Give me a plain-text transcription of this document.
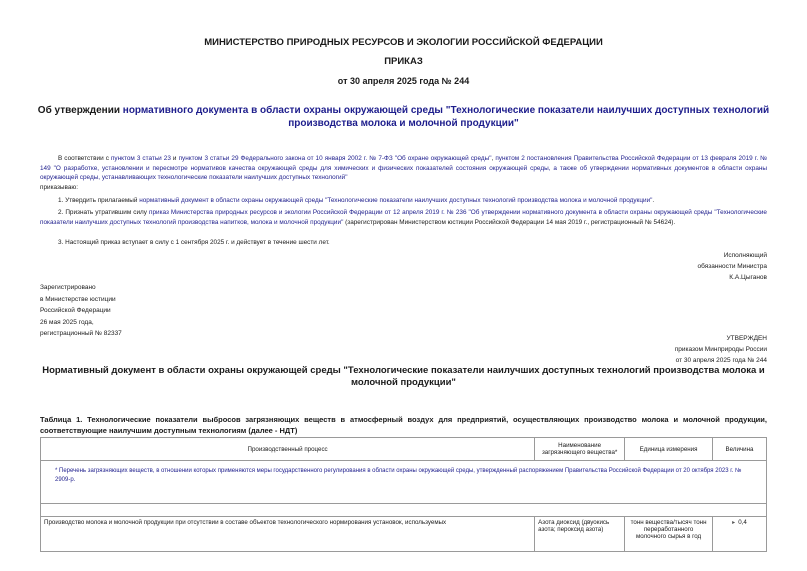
МИНИСТЕРСТВО ПРИРОДНЫХ РЕСУРСОВ И ЭКОЛОГИИ РОССИЙСКОЙ ФЕДЕРАЦИИ
ПРИКАЗ
от 30 апреля 2025 года № 244
Об утверждении нормативного документа в области охраны окружающей среды "Технологические показатели наилучших доступных технологий производства молока и молочной продукции"
В соответствии с пунктом 3 статьи 23 и пунктом 3 статьи 29 Федерального закона от 10 января 2002 г. № 7-ФЗ "Об охране окружающей среды", пунктом 2 постановления Правительства Российской Федерации от 13 февраля 2019 г. № 149 "О разработке, установлении и пересмотре нормативов качества окружающей среды для химических и физических показателей состояния окружающей среды, а также об утверждении нормативных документов в области охраны окружающей среды, устанавливающих технологические показатели наилучших доступных технологий"
приказываю:
1. Утвердить прилагаемый нормативный документ в области охраны окружающей среды "Технологические показатели наилучших доступных технологий производства молока и молочной продукции".
2. Признать утратившим силу приказ Министерства природных ресурсов и экологии Российской Федерации от 12 апреля 2019 г. № 236 "Об утверждении нормативного документа в области охраны окружающей среды "Технологические показатели наилучших доступных технологий производства напитков, молока и молочной продукции" (зарегистрирован Министерством юстиции Российской Федерации 14 мая 2019 г., регистрационный № 54624).
3. Настоящий приказ вступает в силу с 1 сентября 2025 г. и действует в течение шести лет.
Исполняющий
обязанности Министра
К.А.Цыганов
Зарегистрировано
в Министерстве юстиции
Российской Федерации
26 мая 2025 года,
регистрационный № 82337
УТВЕРЖДЕН
приказом Минприроды России
от 30 апреля 2025 года № 244
Нормативный документ в области охраны окружающей среды "Технологические показатели наилучших доступных технологий производства молока и молочной продукции"
Таблица 1. Технологические показатели выбросов загрязняющих веществ в атмосферный воздух для предприятий, осуществляющих производство молока и молочной продукции, соответствующие наилучшим доступным технологиям (далее - НДТ)
Производственный процесс	Наименование загрязняющего вещества*	Единица измерения	Величина
* Перечень загрязняющих веществ, в отношении которых применяются меры государственного регулирования в области охраны окружающей среды, утвержденный распоряжением Правительства Российской Федерации от 20 октября 2023 г. № 2909-р.			

Производство молока и молочной продукции при отсутствии в составе объектов технологического нормирования установок, используемых	Азота диоксид (двуокись азота; пероксид азота)	тонн вещества/тысяч тонн переработанного молочного сырья в год	▸ 0,4
